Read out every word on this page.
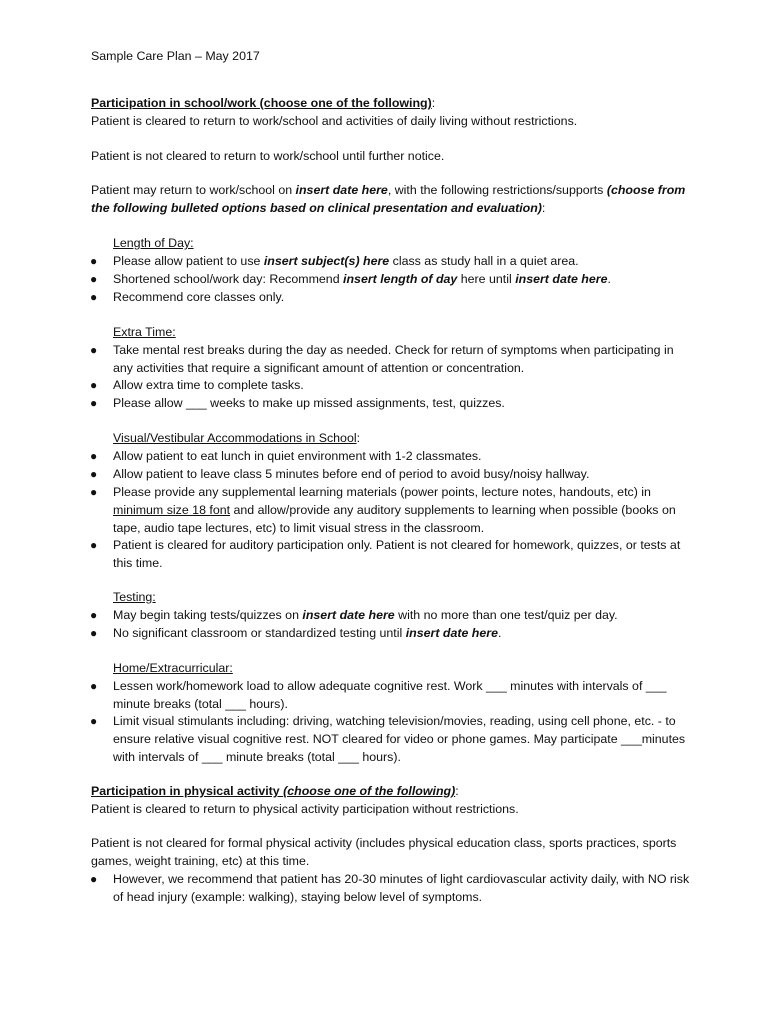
Sample Care Plan – May 2017

Participation in school/work (choose one of the following):

Patient is cleared to return to work/school and activities of daily living without restrictions.

Patient is not cleared to return to work/school until further notice.

Patient may return to work/school on insert date here, with the following restrictions/supports (choose from the following bulleted options based on clinical presentation and evaluation):

Length of Day:

● Please allow patient to use insert subject(s) here class as study hall in a quiet area.

● Shortened school/work day: Recommend insert length of day here until insert date here.

● Recommend core classes only.

Extra Time:

● Take mental rest breaks during the day as needed. Check for return of symptoms when participating in any activities that require a significant amount of attention or concentration.

● Allow extra time to complete tasks.

● Please allow ___ weeks to make up missed assignments, test, quizzes.

Visual/Vestibular Accommodations in School:

● Allow patient to eat lunch in quiet environment with 1-2 classmates.

● Allow patient to leave class 5 minutes before end of period to avoid busy/noisy hallway.

● Please provide any supplemental learning materials (power points, lecture notes, handouts, etc) in minimum size 18 font and allow/provide any auditory supplements to learning when possible (books on tape, audio tape lectures, etc) to limit visual stress in the classroom.

● Patient is cleared for auditory participation only. Patient is not cleared for homework, quizzes, or tests at this time.

Testing:

● May begin taking tests/quizzes on insert date here with no more than one test/quiz per day.

● No significant classroom or standardized testing until insert date here.

Home/Extracurricular:

● Lessen work/homework load to allow adequate cognitive rest. Work ___ minutes with intervals of ___ minute breaks (total ___ hours).

● Limit visual stimulants including: driving, watching television/movies, reading, using cell phone, etc. - to ensure relative visual cognitive rest. NOT cleared for video or phone games. May participate ___minutes with intervals of ___ minute breaks (total ___ hours).

Participation in physical activity (choose one of the following):

Patient is cleared to return to physical activity participation without restrictions.

Patient is not cleared for formal physical activity (includes physical education class, sports practices, sports games, weight training, etc) at this time.

● However, we recommend that patient has 20-30 minutes of light cardiovascular activity daily, with NO risk of head injury (example: walking), staying below level of symptoms.
